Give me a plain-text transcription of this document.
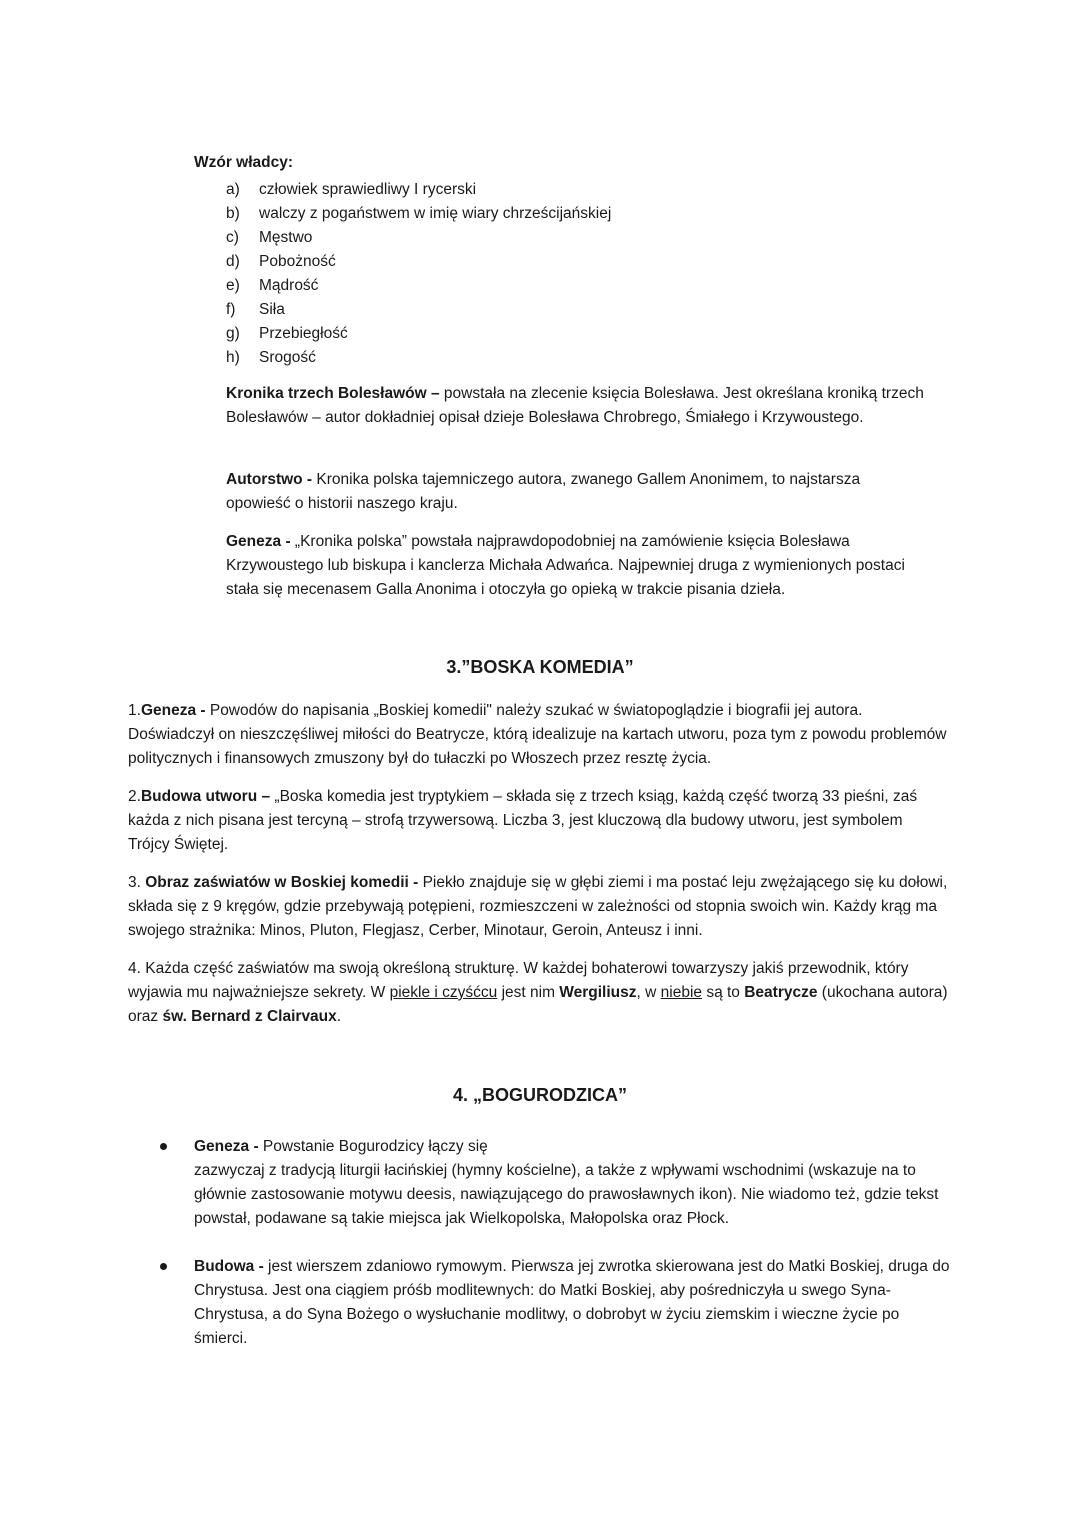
Wzór władcy:
a) człowiek sprawiedliwy I rycerski
b) walczy z pogaństwem w imię wiary chrześcijańskiej
c) Męstwo
d) Pobożność
e) Mądrość
f) Siła
g) Przebiegłość
h) Srogość

Kronika trzech Bolesławów – powstała na zlecenie księcia Bolesława. Jest określana kroniką trzech Bolesławów – autor dokładniej opisał dzieje Bolesława Chrobrego, Śmiałego i Krzywoustego.

Autorstwo - Kronika polska tajemniczego autora, zwanego Gallem Anonimem, to najstarsza opowieść o historii naszego kraju.

Geneza - „Kronika polska” powstała najprawdopodobniej na zamówienie księcia Bolesława Krzywoustego lub biskupa i kanclerza Michała Adwańca. Najpewniej druga z wymienionych postaci stała się mecenasem Galla Anonima i otoczyła go opieką w trakcie pisania dzieła.

3.”BOSKA KOMEDIA”

1.Geneza - Powodów do napisania „Boskiej komedii" należy szukać w światopoglądzie i biografii jej autora. Doświadczył on nieszczęśliwej miłości do Beatrycze, którą idealizuje na kartach utworu, poza tym z powodu problemów politycznych i finansowych zmuszony był do tułaczki po Włoszech przez resztę życia.

2.Budowa utworu – „Boska komedia jest tryptykiem – składa się z trzech ksiąg, każdą część tworzą 33 pieśni, zaś każda z nich pisana jest tercyną – strofą trzywersową. Liczba 3, jest kluczową dla budowy utworu, jest symbolem Trójcy Świętej.

3. Obraz zaświatów w Boskiej komedii - Piekło znajduje się w głębi ziemi i ma postać leju zwężającego się ku dołowi, składa się z 9 kręgów, gdzie przebywają potępieni, rozmieszczeni w zależności od stopnia swoich win. Każdy krąg ma swojego strażnika: Minos, Pluton, Flegjasz, Cerber, Minotaur, Geroin, Anteusz i inni.

4. Każda część zaświatów ma swoją określoną strukturę. W każdej bohaterowi towarzyszy jakiś przewodnik, który wyjawia mu najważniejsze sekrety. W piekle i czyśćcu jest nim Wergiliusz, w niebie są to Beatrycze (ukochana autora) oraz św. Bernard z Clairvaux.

4. „BOGURODZICA”
Geneza - Powstanie Bogurodzicy łączy się
zazwyczaj z tradycją liturgii łacińskiej (hymny kościelne), a także z wpływami wschodnimi (wskazuje na to głównie zastosowanie motywu deesis, nawiązującego do prawosławnych ikon). Nie wiadomo też, gdzie tekst powstał, podawane są takie miejsca jak Wielkopolska, Małopolska oraz Płock.
Budowa - jest wierszem zdaniowo rymowym. Pierwsza jej zwrotka skierowana jest do Matki Boskiej, druga do Chrystusa. Jest ona ciągiem próśb modlitewnych: do Matki Boskiej, aby pośredniczyła u swego Syna-Chrystusa, a do Syna Bożego o wysłuchanie modlitwy, o dobrobyt w życiu ziemskim i wieczne życie po śmierci.
